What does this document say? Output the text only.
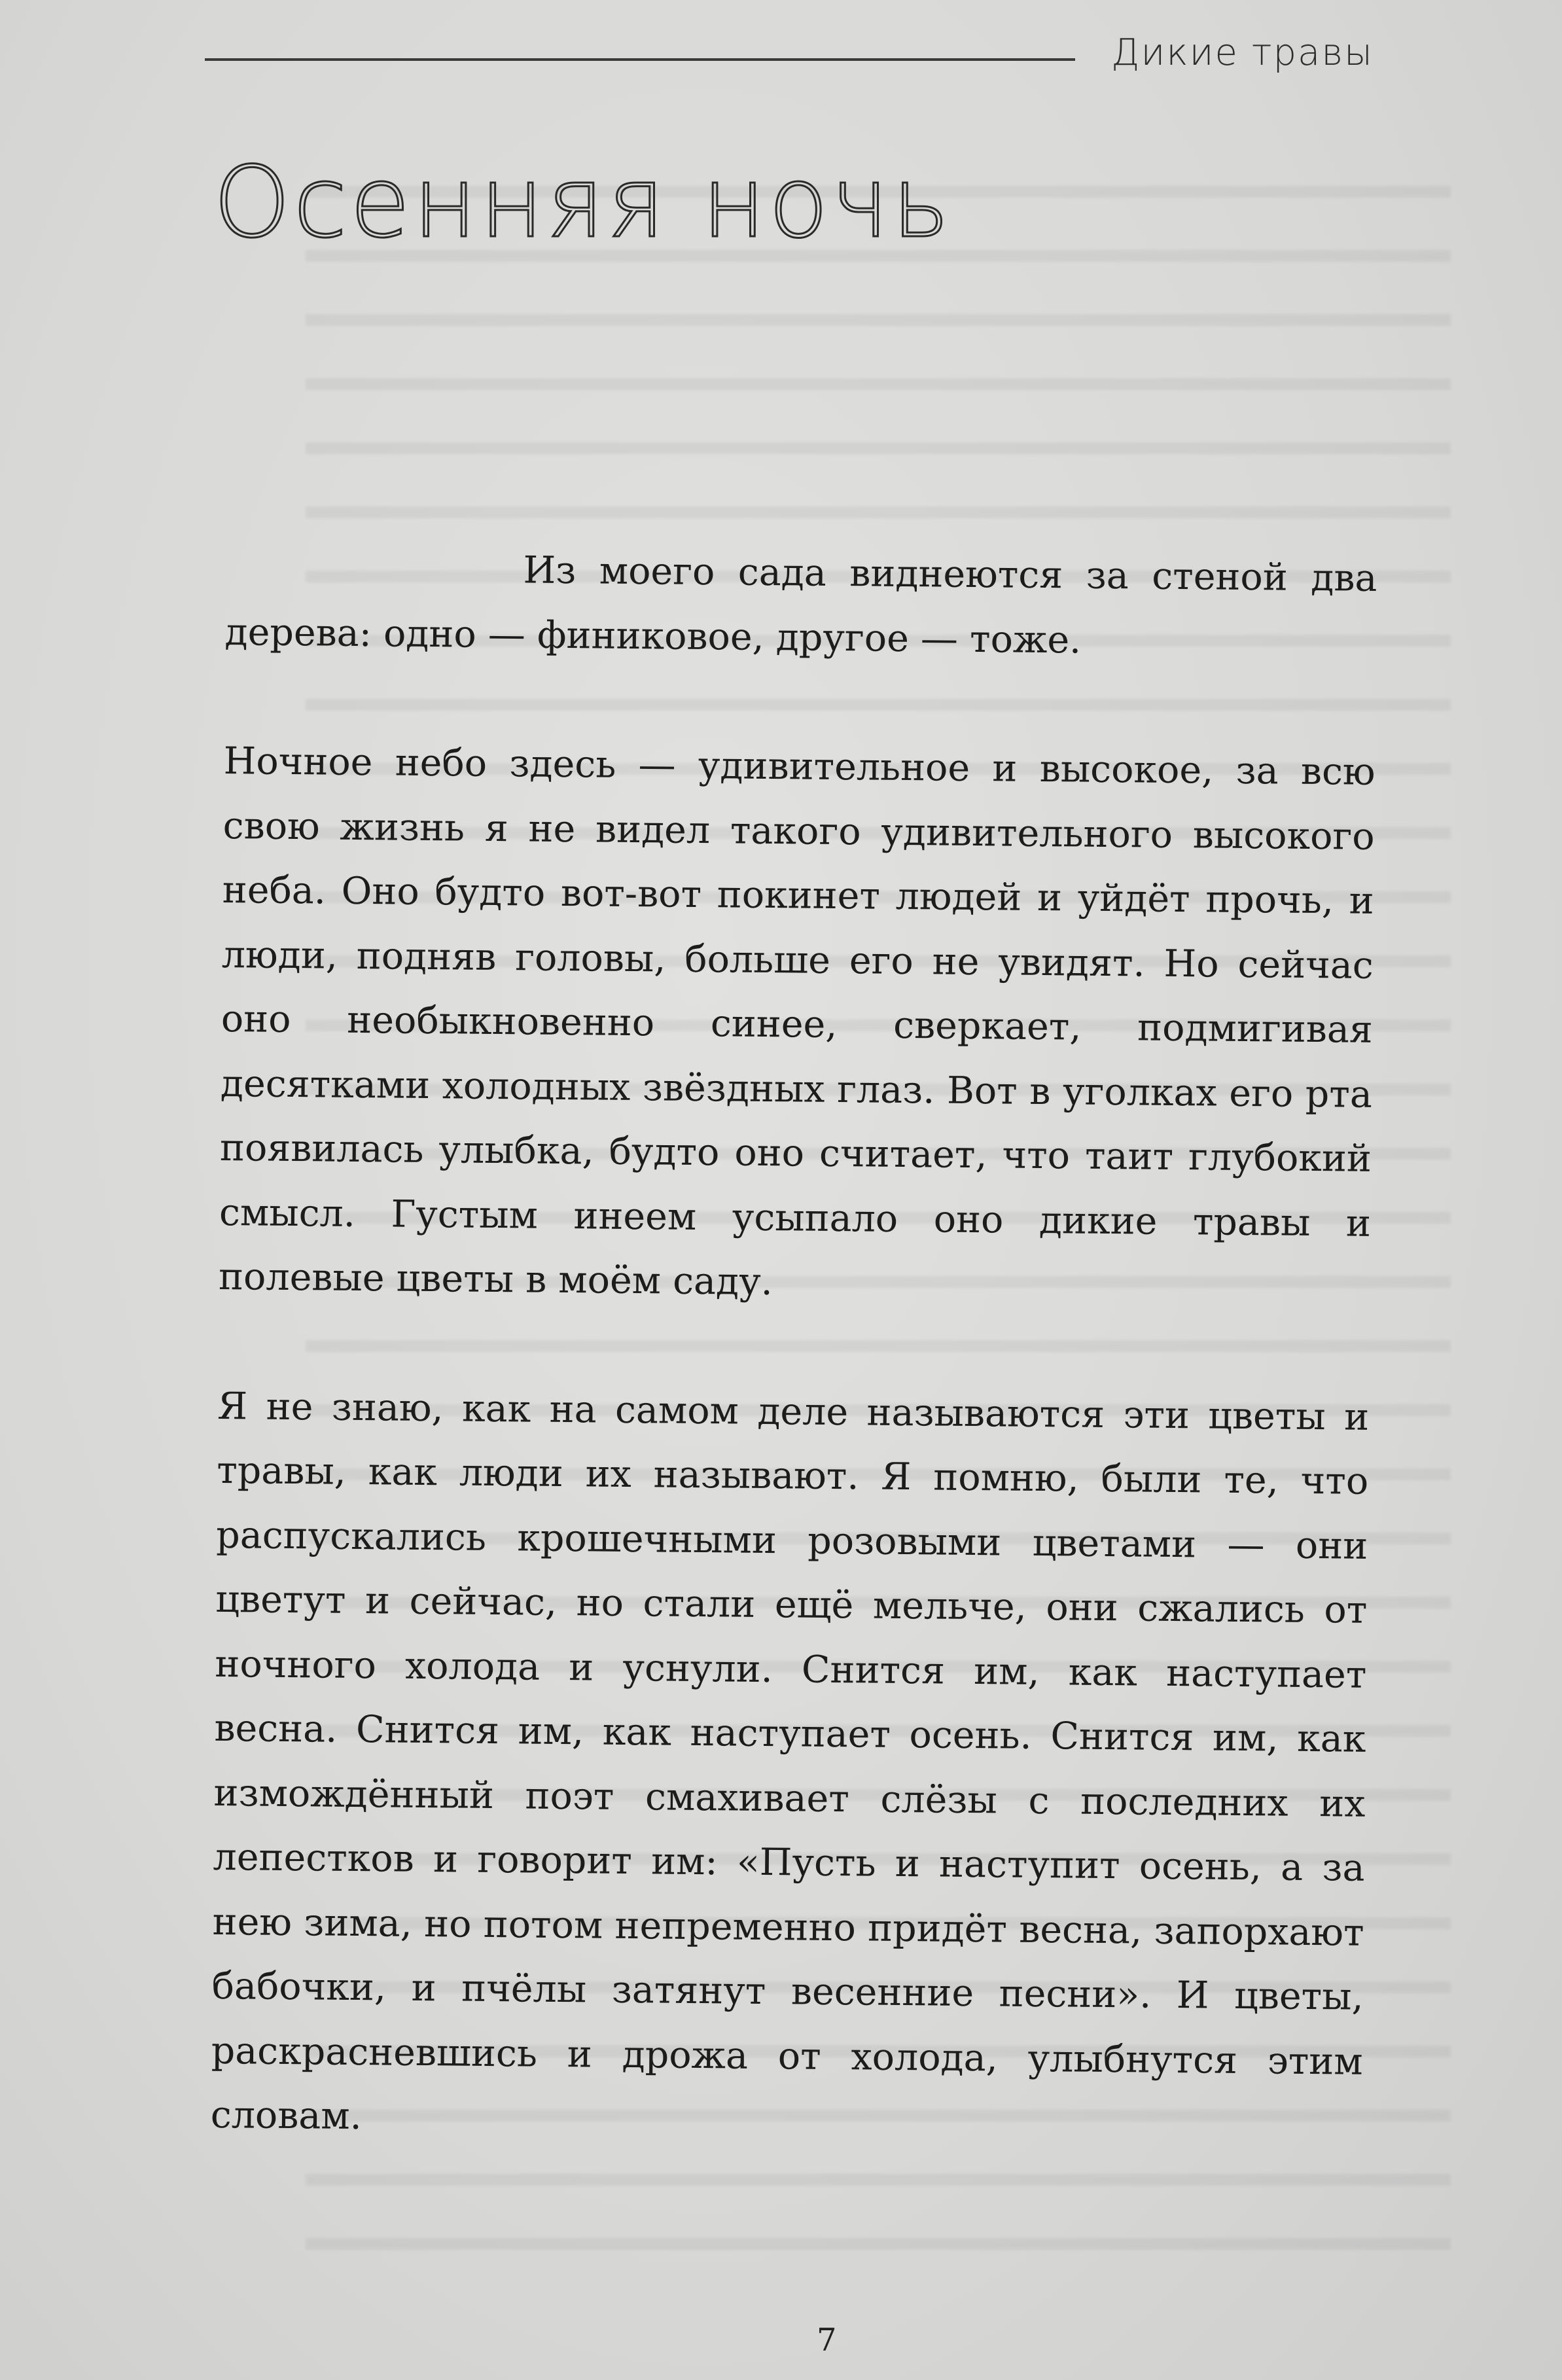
Дикие травы
Осенняя ночь

Из моего сада виднеются за стеной два дерева: одно — финиковое, другое — тоже.

Ночное небо здесь — удивительное и высокое, за всю свою жизнь я не видел такого удивительного высокого неба. Оно будто вот-вот покинет людей и уйдёт прочь, и люди, подняв головы, больше его не увидят. Но сейчас оно необыкновенно синее, сверкает, подмигивая десятками холодных звёздных глаз. Вот в уголках его рта появилась улыбка, будто оно считает, что таит глубокий смысл. Густым инеем усыпало оно дикие травы и полевые цветы в моём саду.

Я не знаю, как на самом деле называются эти цветы и травы, как люди их называют. Я помню, были те, что распускались крошечными розовыми цветами — они цветут и сейчас, но стали ещё мельче, они сжались от ночного холода и уснули. Снится им, как наступает весна. Снится им, как наступает осень. Снится им, как измождённый поэт смахивает слёзы с последних их лепестков и говорит им: «Пусть и наступит осень, а за нею зима, но потом непременно придёт весна, запорхают бабочки, и пчёлы затянут весенние песни». И цветы, раскрасневшись и дрожа от холода, улыбнутся этим словам.

7
